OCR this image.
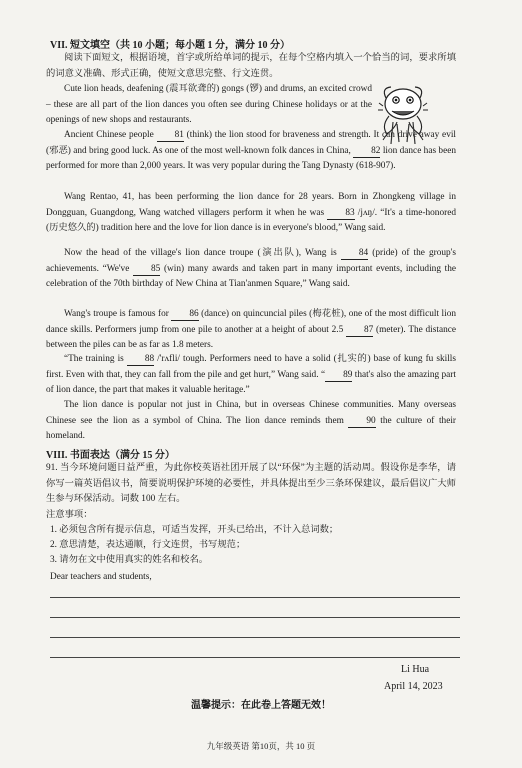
VII. 短文填空（共 10 小题；每小题 1 分，满分 10 分）

阅读下面短文，根据语境，首字或所给单词的提示，在每个空格内填入一个恰当的词，要求所填的词意义准确、形式正确，使短文意思完整、行文连贯。

Cute lion heads, deafening (震耳欲聋的) gongs (锣) and drums, an excited crowd – these are all part of the lion dances you often see during Chinese holidays or at the openings of new shops and restaurants.

Ancient Chinese people 81 (think) the lion stood for braveness and strength. It can drive away evil (邪恶) and bring good luck. As one of the most well-known folk dances in China, 82 lion dance has been performed for more than 2,000 years. It was very popular during the Tang Dynasty (618-907).

Wang Rentao, 41, has been performing the lion dance for 28 years. Born in Zhongkeng village in Dongguan, Guangdong, Wang watched villagers perform it when he was 83 /jʌŋ/. “It's a time-honored (历史悠久的) tradition here and the love for lion dance is in everyone's blood,” Wang said.

Now the head of the village's lion dance troupe (演出队), Wang is 84 (pride) of the group's achievements. “We've 85 (win) many awards and taken part in many important events, including the celebration of the 70th birthday of New China at Tian'anmen Square,” Wang said.

Wang's troupe is famous for 86 (dance) on quincuncial piles (梅花桩), one of the most difficult lion dance skills. Performers jump from one pile to another at a height of about 2.5 87 (meter). The distance between the piles can be as far as 1.8 meters.

“The training is 88 /'rʌfli/ tough. Performers need to have a solid (扎实的) base of kung fu skills first. Even with that, they can fall from the pile and get hurt,” Wang said. “ 89 that's also the amazing part of lion dance, the part that makes it valuable heritage.”

The lion dance is popular not just in China, but in overseas Chinese communities. Many overseas Chinese see the lion as a symbol of China. The lion dance reminds them 90 the culture of their homeland.

VIII. 书面表达（满分 15 分）

91. 当今环境问题日益严重，为此你校英语社团开展了以“环保”为主题的活动周。假设你是李华，请你写一篇英语倡议书，简要说明保护环境的必要性，并具体提出至少三条环保建议，最后倡议广大师生参与环保活动。词数 100 左右。

注意事项：

1. 必须包含所有提示信息，可适当发挥，开头已给出，不计入总词数；

2. 意思清楚，表达通顺，行文连贯，书写规范；

3. 请勿在文中使用真实的姓名和校名。

Dear teachers and students,

Li Hua

April 14, 2023

温馨提示：在此卷上答题无效！

九年级英语 第10页，共 10 页
